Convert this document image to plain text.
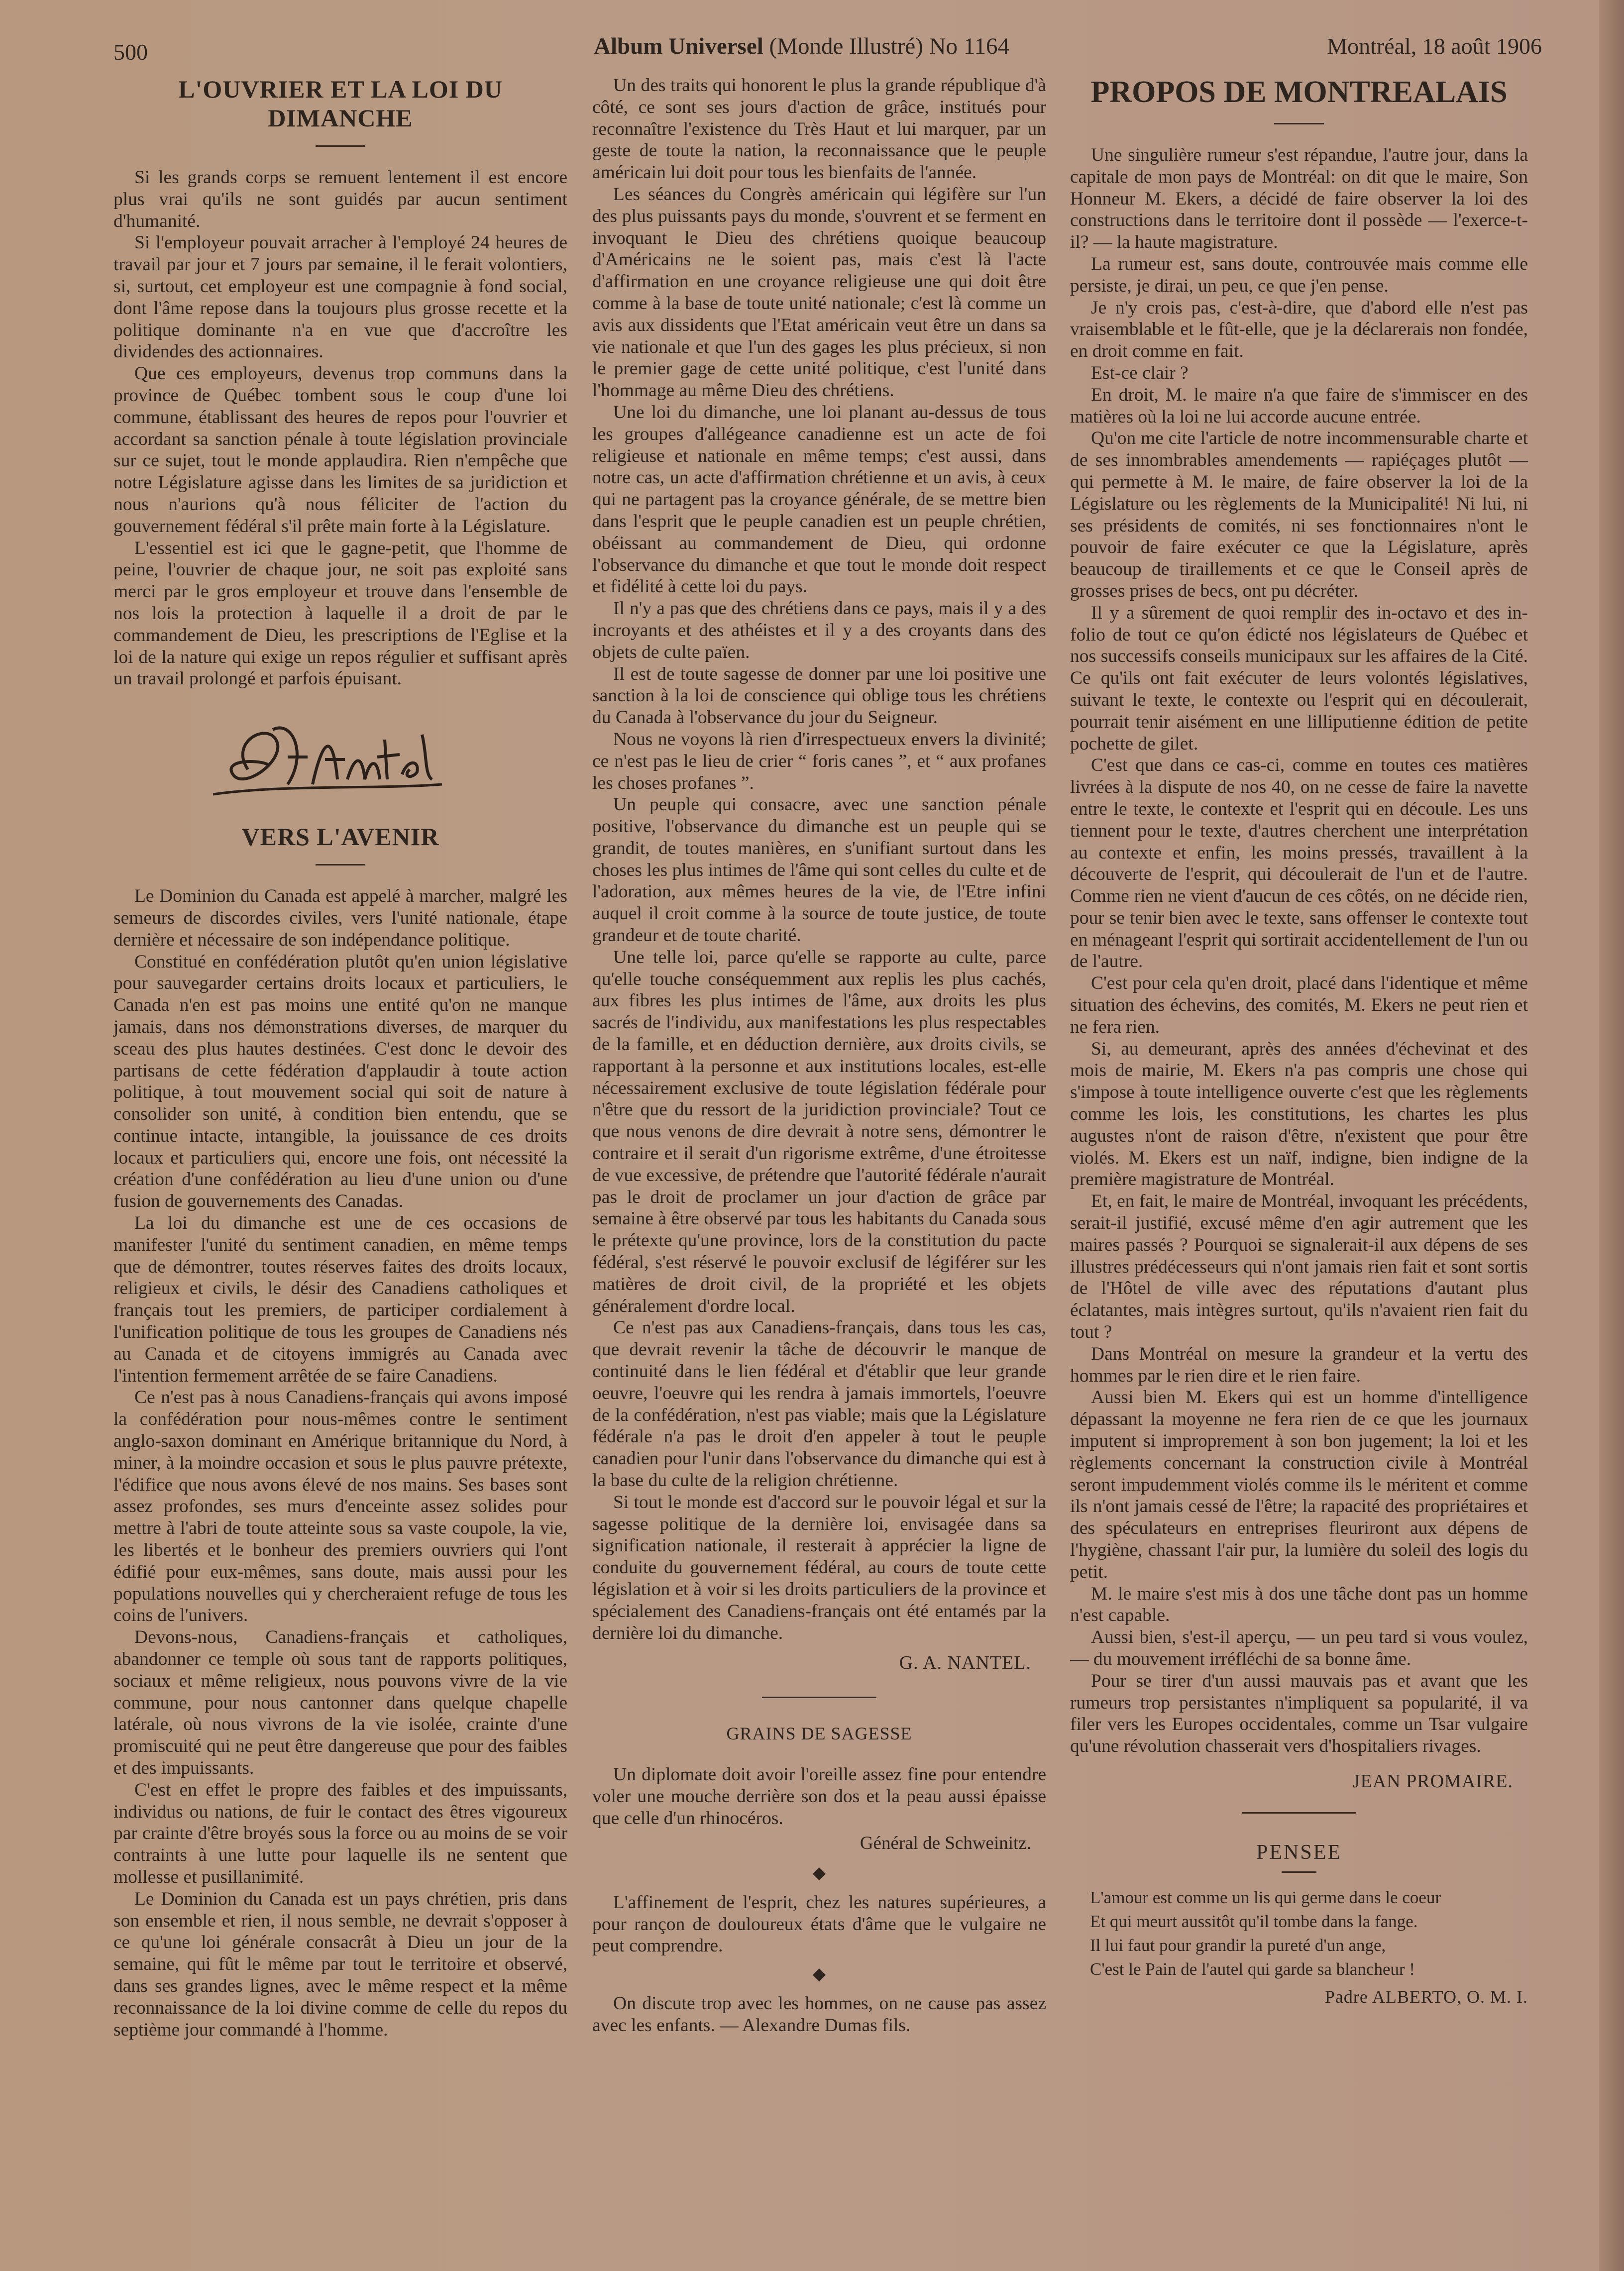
500	Album Universel (Monde Illustré) No 1164	Montréal, 18 août 1906
L'OUVRIER ET LA LOI DU DIMANCHE

Si les grands corps se remuent lentement il est encore plus vrai qu'ils ne sont guidés par aucun sentiment d'humanité.

Si l'employeur pouvait arracher à l'employé 24 heures de travail par jour et 7 jours par semaine, il le ferait volontiers, si, surtout, cet employeur est une compagnie à fond social, dont l'âme repose dans la toujours plus grosse recette et la politique dominante n'a en vue que d'accroître les dividendes des actionnaires.

Que ces employeurs, devenus trop communs dans la province de Québec tombent sous le coup d'une loi commune, établissant des heures de repos pour l'ouvrier et accordant sa sanction pénale à toute législation provinciale sur ce sujet, tout le monde applaudira. Rien n'empêche que notre Législature agisse dans les limites de sa juridiction et nous n'aurions qu'à nous féliciter de l'action du gouvernement fédéral s'il prête main forte à la Législature.

L'essentiel est ici que le gagne-petit, que l'homme de peine, l'ouvrier de chaque jour, ne soit pas exploité sans merci par le gros employeur et trouve dans l'ensemble de nos lois la protection à laquelle il a droit de par le commandement de Dieu, les prescriptions de l'Eglise et la loi de la nature qui exige un repos régulier et suffisant après un travail prolongé et parfois épuisant.

VERS L'AVENIR

Le Dominion du Canada est appelé à marcher, malgré les semeurs de discordes civiles, vers l'unité nationale, étape dernière et nécessaire de son indépendance politique.

Constitué en confédération plutôt qu'en union législative pour sauvegarder certains droits locaux et particuliers, le Canada n'en est pas moins une entité qu'on ne manque jamais, dans nos démonstrations diverses, de marquer du sceau des plus hautes destinées. C'est donc le devoir des partisans de cette fédération d'applaudir à toute action politique, à tout mouvement social qui soit de nature à consolider son unité, à condition bien entendu, que se continue intacte, intangible, la jouissance de ces droits locaux et particuliers qui, encore une fois, ont nécessité la création d'une confédération au lieu d'une union ou d'une fusion de gouvernements des Canadas.

La loi du dimanche est une de ces occasions de manifester l'unité du sentiment canadien, en même temps que de démontrer, toutes réserves faites des droits locaux, religieux et civils, le désir des Canadiens catholiques et français tout les premiers, de participer cordialement à l'unification politique de tous les groupes de Canadiens nés au Canada et de citoyens immigrés au Canada avec l'intention fermement arrêtée de se faire Canadiens.

Ce n'est pas à nous Canadiens-français qui avons imposé la confédération pour nous-mêmes contre le sentiment anglo-saxon dominant en Amérique britannique du Nord, à miner, à la moindre occasion et sous le plus pauvre prétexte, l'édifice que nous avons élevé de nos mains. Ses bases sont assez profondes, ses murs d'enceinte assez solides pour mettre à l'abri de toute atteinte sous sa vaste coupole, la vie, les libertés et le bonheur des premiers ouvriers qui l'ont édifié pour eux-mêmes, sans doute, mais aussi pour les populations nouvelles qui y chercheraient refuge de tous les coins de l'univers.

Devons-nous, Canadiens-français et catholiques, abandonner ce temple où sous tant de rapports politiques, sociaux et même religieux, nous pouvons vivre de la vie commune, pour nous cantonner dans quelque chapelle latérale, où nous vivrons de la vie isolée, crainte d'une promiscuité qui ne peut être dangereuse que pour des faibles et des impuissants.

C'est en effet le propre des faibles et des impuissants, individus ou nations, de fuir le contact des êtres vigoureux par crainte d'être broyés sous la force ou au moins de se voir contraints à une lutte pour laquelle ils ne sentent que mollesse et pusillanimité.

Le Dominion du Canada est un pays chrétien, pris dans son ensemble et rien, il nous semble, ne devrait s'opposer à ce qu'une loi générale consacrât à Dieu un jour de la semaine, qui fût le même par tout le territoire et observé, dans ses grandes lignes, avec le même respect et la même reconnaissance de la loi divine comme de celle du repos du septième jour commandé à l'homme.

Un des traits qui honorent le plus la grande république d'à côté, ce sont ses jours d'action de grâce, institués pour reconnaître l'existence du Très Haut et lui marquer, par un geste de toute la nation, la reconnaissance que le peuple américain lui doit pour tous les bienfaits de l'année.

Les séances du Congrès américain qui légifère sur l'un des plus puissants pays du monde, s'ouvrent et se ferment en invoquant le Dieu des chrétiens quoique beaucoup d'Américains ne le soient pas, mais c'est là l'acte d'affirmation en une croyance religieuse une qui doit être comme à la base de toute unité nationale; c'est là comme un avis aux dissidents que l'Etat américain veut être un dans sa vie nationale et que l'un des gages les plus précieux, si non le premier gage de cette unité politique, c'est l'unité dans l'hommage au même Dieu des chrétiens.

Une loi du dimanche, une loi planant au-dessus de tous les groupes d'allégeance canadienne est un acte de foi religieuse et nationale en même temps; c'est aussi, dans notre cas, un acte d'affirmation chrétienne et un avis, à ceux qui ne partagent pas la croyance générale, de se mettre bien dans l'esprit que le peuple canadien est un peuple chrétien, obéissant au commandement de Dieu, qui ordonne l'observance du dimanche et que tout le monde doit respect et fidélité à cette loi du pays.

Il n'y a pas que des chrétiens dans ce pays, mais il y a des incroyants et des athéistes et il y a des croyants dans des objets de culte païen.

Il est de toute sagesse de donner par une loi positive une sanction à la loi de conscience qui oblige tous les chrétiens du Canada à l'observance du jour du Seigneur.

Nous ne voyons là rien d'irrespectueux envers la divinité; ce n'est pas le lieu de crier “ foris canes ”, et “ aux profanes les choses profanes ”.

Un peuple qui consacre, avec une sanction pénale positive, l'observance du dimanche est un peuple qui se grandit, de toutes manières, en s'unifiant surtout dans les choses les plus intimes de l'âme qui sont celles du culte et de l'adoration, aux mêmes heures de la vie, de l'Etre infini auquel il croit comme à la source de toute justice, de toute grandeur et de toute charité.

Une telle loi, parce qu'elle se rapporte au culte, parce qu'elle touche conséquemment aux replis les plus cachés, aux fibres les plus intimes de l'âme, aux droits les plus sacrés de l'individu, aux manifestations les plus respectables de la famille, et en déduction dernière, aux droits civils, se rapportant à la personne et aux institutions locales, est-elle nécessairement exclusive de toute législation fédérale pour n'être que du ressort de la juridiction provinciale? Tout ce que nous venons de dire devrait à notre sens, démontrer le contraire et il serait d'un rigorisme extrême, d'une étroitesse de vue excessive, de prétendre que l'autorité fédérale n'aurait pas le droit de proclamer un jour d'action de grâce par semaine à être observé par tous les habitants du Canada sous le prétexte qu'une province, lors de la constitution du pacte fédéral, s'est réservé le pouvoir exclusif de légiférer sur les matières de droit civil, de la propriété et les objets généralement d'ordre local.

Ce n'est pas aux Canadiens-français, dans tous les cas, que devrait revenir la tâche de découvrir le manque de continuité dans le lien fédéral et d'établir que leur grande oeuvre, l'oeuvre qui les rendra à jamais immortels, l'oeuvre de la confédération, n'est pas viable; mais que la Législature fédérale n'a pas le droit d'en appeler à tout le peuple canadien pour l'unir dans l'observance du dimanche qui est à la base du culte de la religion chrétienne.

Si tout le monde est d'accord sur le pouvoir légal et sur la sagesse politique de la dernière loi, envisagée dans sa signification nationale, il resterait à apprécier la ligne de conduite du gouvernement fédéral, au cours de toute cette législation et à voir si les droits particuliers de la province et spécialement des Canadiens-français ont été entamés par la dernière loi du dimanche.

G. A. NANTEL.
GRAINS DE SAGESSE

Un diplomate doit avoir l'oreille assez fine pour entendre voler une mouche derrière son dos et la peau aussi épaisse que celle d'un rhinocéros.

Général de Schweinitz.
◆

L'affinement de l'esprit, chez les natures supérieures, a pour rançon de douloureux états d'âme que le vulgaire ne peut comprendre.

◆

On discute trop avec les hommes, on ne cause pas assez avec les enfants. — Alexandre Dumas fils.

PROPOS DE MONTREALAIS

Une singulière rumeur s'est répandue, l'autre jour, dans la capitale de mon pays de Montréal: on dit que le maire, Son Honneur M. Ekers, a décidé de faire observer la loi des constructions dans le territoire dont il possède — l'exerce-t-il? — la haute magistrature.

La rumeur est, sans doute, controuvée mais comme elle persiste, je dirai, un peu, ce que j'en pense.

Je n'y crois pas, c'est-à-dire, que d'abord elle n'est pas vraisemblable et le fût-elle, que je la déclarerais non fondée, en droit comme en fait.

Est-ce clair ?

En droit, M. le maire n'a que faire de s'immiscer en des matières où la loi ne lui accorde aucune entrée.

Qu'on me cite l'article de notre incommensurable charte et de ses innombrables amendements — rapiéçages plutôt — qui permette à M. le maire, de faire observer la loi de la Législature ou les règlements de la Municipalité! Ni lui, ni ses présidents de comités, ni ses fonctionnaires n'ont le pouvoir de faire exécuter ce que la Législature, après beaucoup de tiraillements et ce que le Conseil après de grosses prises de becs, ont pu décréter.

Il y a sûrement de quoi remplir des in-octavo et des in-folio de tout ce qu'on édicté nos législateurs de Québec et nos successifs conseils municipaux sur les affaires de la Cité. Ce qu'ils ont fait exécuter de leurs volontés législatives, suivant le texte, le contexte ou l'esprit qui en découlerait, pourrait tenir aisément en une lilliputienne édition de petite pochette de gilet.

C'est que dans ce cas-ci, comme en toutes ces matières livrées à la dispute de nos 40, on ne cesse de faire la navette entre le texte, le contexte et l'esprit qui en découle. Les uns tiennent pour le texte, d'autres cherchent une interprétation au contexte et enfin, les moins pressés, travaillent à la découverte de l'esprit, qui découlerait de l'un et de l'autre. Comme rien ne vient d'aucun de ces côtés, on ne décide rien, pour se tenir bien avec le texte, sans offenser le contexte tout en ménageant l'esprit qui sortirait accidentellement de l'un ou de l'autre.

C'est pour cela qu'en droit, placé dans l'identique et même situation des échevins, des comités, M. Ekers ne peut rien et ne fera rien.

Si, au demeurant, après des années d'échevinat et des mois de mairie, M. Ekers n'a pas compris une chose qui s'impose à toute intelligence ouverte c'est que les règlements comme les lois, les constitutions, les chartes les plus augustes n'ont de raison d'être, n'existent que pour être violés. M. Ekers est un naïf, indigne, bien indigne de la première magistrature de Montréal.

Et, en fait, le maire de Montréal, invoquant les précédents, serait-il justifié, excusé même d'en agir autrement que les maires passés ? Pourquoi se signalerait-il aux dépens de ses illustres prédécesseurs qui n'ont jamais rien fait et sont sortis de l'Hôtel de ville avec des réputations d'autant plus éclatantes, mais intègres surtout, qu'ils n'avaient rien fait du tout ?

Dans Montréal on mesure la grandeur et la vertu des hommes par le rien dire et le rien faire.

Aussi bien M. Ekers qui est un homme d'intelligence dépassant la moyenne ne fera rien de ce que les journaux imputent si improprement à son bon jugement; la loi et les règlements concernant la construction civile à Montréal seront impudemment violés comme ils le méritent et comme ils n'ont jamais cessé de l'être; la rapacité des propriétaires et des spéculateurs en entreprises fleuriront aux dépens de l'hygiène, chassant l'air pur, la lumière du soleil des logis du petit.

M. le maire s'est mis à dos une tâche dont pas un homme n'est capable.

Aussi bien, s'est-il aperçu, — un peu tard si vous voulez, — du mouvement irréfléchi de sa bonne âme.

Pour se tirer d'un aussi mauvais pas et avant que les rumeurs trop persistantes n'impliquent sa popularité, il va filer vers les Europes occidentales, comme un Tsar vulgaire qu'une révolution chasserait vers d'hospitaliers rivages.

JEAN PROMAIRE.
PENSEE
L'amour est comme un lis qui germe dans le coeur
Et qui meurt aussitôt qu'il tombe dans la fange.
Il lui faut pour grandir la pureté d'un ange,
C'est le Pain de l'autel qui garde sa blancheur !
Padre ALBERTO, O. M. I.
